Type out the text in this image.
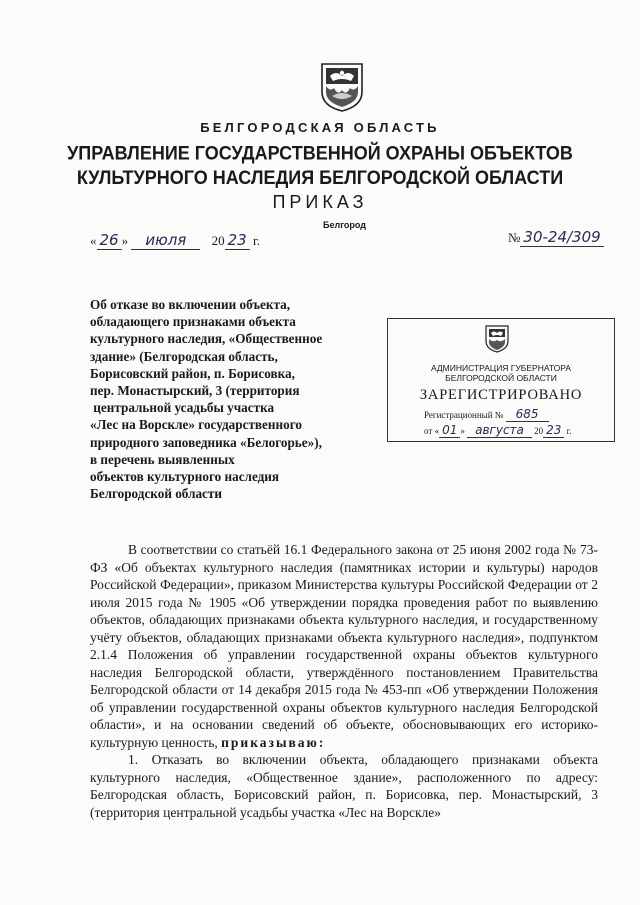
БЕЛГОРОДСКАЯ ОБЛАСТЬ
УПРАВЛЕНИЕ ГОСУДАРСТВЕННОЙ ОХРАНЫ ОБЪЕКТОВ
КУЛЬТУРНОГО НАСЛЕДИЯ БЕЛГОРОДСКОЙ ОБЛАСТИ
ПРИКАЗ
Белгород
« 26 » июля 20 23 г.	№ 30-24/309
Об отказе во включении объекта,
обладающего признаками объекта
культурного наследия, «Общественное
здание» (Белгородская область,
Борисовский район, п. Борисовка,
пер. Монастырский, 3 (территория
центральной усадьбы участка
«Лес на Ворскле» государственного
природного заповедника «Белогорье»),
в перечень выявленных
объектов культурного наследия
Белгородской области
АДМИНИСТРАЦИЯ ГУБЕРНАТОРА
БЕЛГОРОДСКОЙ ОБЛАСТИ
ЗАРЕГИСТРИРОВАНО
Регистрационный № 685
от « 01 » августа 20 23 г.

В соответствии со статьёй 16.1 Федерального закона от 25 июня 2002 года № 73-ФЗ «Об объектах культурного наследия (памятниках истории и культуры) народов Российской Федерации», приказом Министерства культуры Российской Федерации от 2 июля 2015 года № 1905 «Об утверждении порядка проведения работ по выявлению объектов, обладающих признаками объекта культурного наследия, и государственному учёту объектов, обладающих признаками объекта культурного наследия», подпунктом 2.1.4 Положения об управлении государственной охраны объектов культурного наследия Белгородской области, утверждённого постановлением Правительства Белгородской области от 14 декабря 2015 года № 453-пп «Об утверждении Положения об управлении государственной охраны объектов культурного наследия Белгородской области», и на основании сведений об объекте, обосновывающих его историко-культурную ценность, приказываю:

1. Отказать во включении объекта, обладающего признаками объекта культурного наследия, «Общественное здание», расположенного по адресу: Белгородская область, Борисовский район, п. Борисовка, пер. Монастырский, 3 (территория центральной усадьбы участка «Лес на Ворскле»
